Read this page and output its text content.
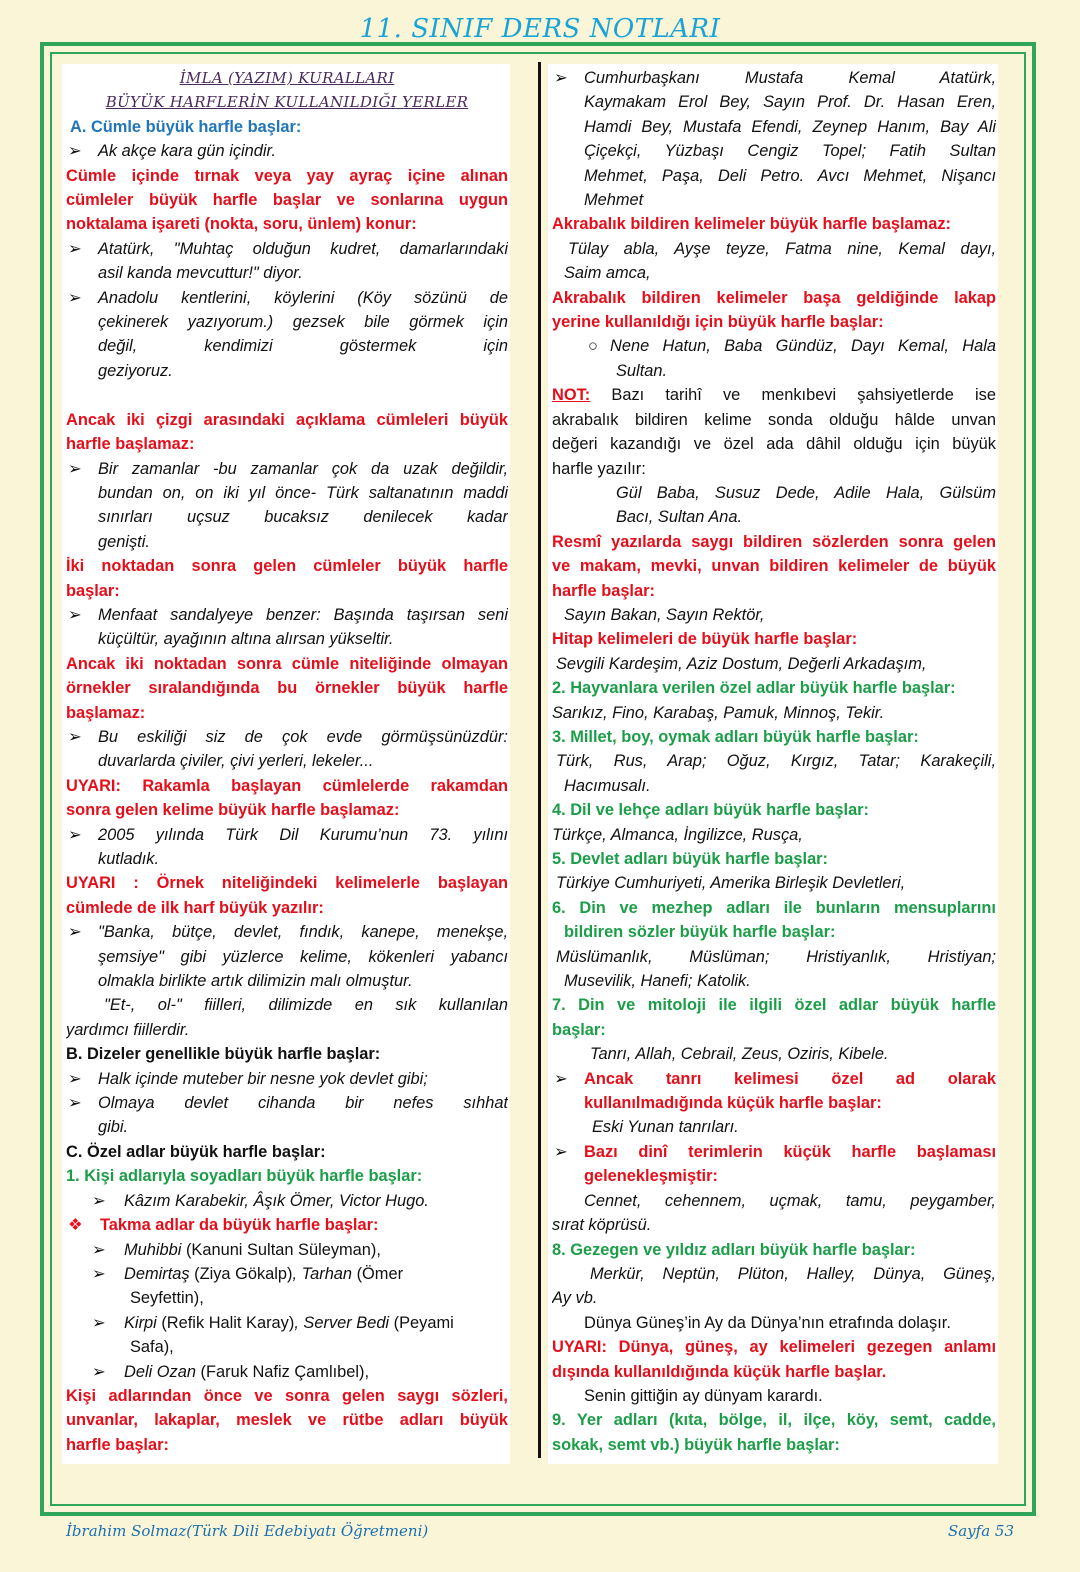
11. SINIF DERS NOTLARI
İMLA (YAZIM) KURALLARI
BÜYÜK HARFLERİN KULLANILDIĞI YERLER
A. Cümle büyük harfle başlar:
➢ Ak akçe kara gün içindir.
Cümle içinde tırnak veya yay ayraç içine alınan
cümleler büyük harfle başlar ve sonlarına uygun
noktalama işareti (nokta, soru, ünlem) konur:
➢ Atatürk, "Muhtaç olduğun kudret, damarlarındaki
asil kanda mevcuttur!" diyor.
➢ Anadolu kentlerini, köylerini (Köy sözünü de
çekinerek yazıyorum.) gezsek bile görmek için
değil, kendimizi göstermek için
geziyoruz.

Ancak iki çizgi arasındaki açıklama cümleleri büyük
harfle başlamaz:
➢ Bir zamanlar -bu zamanlar çok da uzak değildir,
bundan on, on iki yıl önce- Türk saltanatının maddi
sınırları uçsuz bucaksız denilecek kadar
genişti.
İki noktadan sonra gelen cümleler büyük harfle
başlar:
➢ Menfaat sandalyeye benzer: Başında taşırsan seni
küçültür, ayağının altına alırsan yükseltir.
Ancak iki noktadan sonra cümle niteliğinde olmayan
örnekler sıralandığında bu örnekler büyük harfle
başlamaz:
➢ Bu eskiliği siz de çok evde görmüşsünüzdür:
duvarlarda çiviler, çivi yerleri, lekeler...
UYARI: Rakamla başlayan cümlelerde rakamdan
sonra gelen kelime büyük harfle başlamaz:
➢ 2005 yılında Türk Dil Kurumu’nun 73. yılını
kutladık.
UYARI : Örnek niteliğindeki kelimelerle başlayan
cümlede de ilk harf büyük yazılır:
➢ "Banka, bütçe, devlet, fındık, kanepe, menekşe,
şemsiye" gibi yüzlerce kelime, kökenleri yabancı
olmakla birlikte artık dilimizin malı olmuştur.
"Et-, ol-" fiilleri, dilimizde en sık kullanılan
yardımcı fiillerdir.
B. Dizeler genellikle büyük harfle başlar:
➢ Halk içinde muteber bir nesne yok devlet gibi;
➢ Olmaya devlet cihanda bir nefes sıhhat
gibi.
C. Özel adlar büyük harfle başlar:
1. Kişi adlarıyla soyadları büyük harfle başlar:
➢ Kâzım Karabekir, Âşık Ömer, Victor Hugo.
❖ Takma adlar da büyük harfle başlar:
➢ Muhibbi (Kanuni Sultan Süleyman),
➢ Demirtaş (Ziya Gökalp), Tarhan (Ömer
Seyfettin),
➢ Kirpi (Refik Halit Karay), Server Bedi (Peyami
Safa),
➢ Deli Ozan (Faruk Nafiz Çamlıbel),
Kişi adlarından önce ve sonra gelen saygı sözleri,
unvanlar, lakaplar, meslek ve rütbe adları büyük
harfle başlar:
➢ Cumhurbaşkanı Mustafa Kemal Atatürk,
Kaymakam Erol Bey, Sayın Prof. Dr. Hasan Eren,
Hamdi Bey, Mustafa Efendi, Zeynep Hanım, Bay Ali
Çiçekçi, Yüzbaşı Cengiz Topel; Fatih Sultan
Mehmet, Paşa, Deli Petro. Avcı Mehmet, Nişancı
Mehmet
Akrabalık bildiren kelimeler büyük harfle başlamaz:
Tülay abla, Ayşe teyze, Fatma nine, Kemal dayı,
Saim amca,
Akrabalık bildiren kelimeler başa geldiğinde lakap
yerine kullanıldığı için büyük harfle başlar:
○ Nene Hatun, Baba Gündüz, Dayı Kemal, Hala
Sultan.
NOT: Bazı tarihî ve menkıbevi şahsiyetlerde ise
akrabalık bildiren kelime sonda olduğu hâlde unvan
değeri kazandığı ve özel ada dâhil olduğu için büyük
harfle yazılır:
Gül Baba, Susuz Dede, Adile Hala, Gülsüm
Bacı, Sultan Ana.
Resmî yazılarda saygı bildiren sözlerden sonra gelen
ve makam, mevki, unvan bildiren kelimeler de büyük
harfle başlar:
Sayın Bakan, Sayın Rektör,
Hitap kelimeleri de büyük harfle başlar:
Sevgili Kardeşim, Aziz Dostum, Değerli Arkadaşım,
2. Hayvanlara verilen özel adlar büyük harfle başlar:
Sarıkız, Fino, Karabaş, Pamuk, Minnoş, Tekir.
3. Millet, boy, oymak adları büyük harfle başlar:
Türk, Rus, Arap; Oğuz, Kırgız, Tatar; Karakeçili,
Hacımusalı.
4. Dil ve lehçe adları büyük harfle başlar:
Türkçe, Almanca, İngilizce, Rusça,
5. Devlet adları büyük harfle başlar:
Türkiye Cumhuriyeti, Amerika Birleşik Devletleri,
6. Din ve mezhep adları ile bunların mensuplarını
bildiren sözler büyük harfle başlar:
Müslümanlık, Müslüman; Hristiyanlık, Hristiyan;
Musevilik, Hanefi; Katolik.
7. Din ve mitoloji ile ilgili özel adlar büyük harfle
başlar:
Tanrı, Allah, Cebrail, Zeus, Oziris, Kibele.
➢ Ancak tanrı kelimesi özel ad olarak
kullanılmadığında küçük harfle başlar:
Eski Yunan tanrıları.
➢ Bazı dinî terimlerin küçük harfle başlaması
gelenekleşmiştir:
Cennet, cehennem, uçmak, tamu, peygamber,
sırat köprüsü.
8. Gezegen ve yıldız adları büyük harfle başlar:
Merkür, Neptün, Plüton, Halley, Dünya, Güneş,
Ay vb.
Dünya Güneş’in Ay da Dünya’nın etrafında dolaşır.
UYARI: Dünya, güneş, ay kelimeleri gezegen anlamı
dışında kullanıldığında küçük harfle başlar.
Senin gittiğin ay dünyam karardı.
9. Yer adları (kıta, bölge, il, ilçe, köy, semt, cadde,
sokak, semt vb.) büyük harfle başlar:
İbrahim Solmaz(Türk Dili Edebiyatı Öğretmeni)	Sayfa 53
